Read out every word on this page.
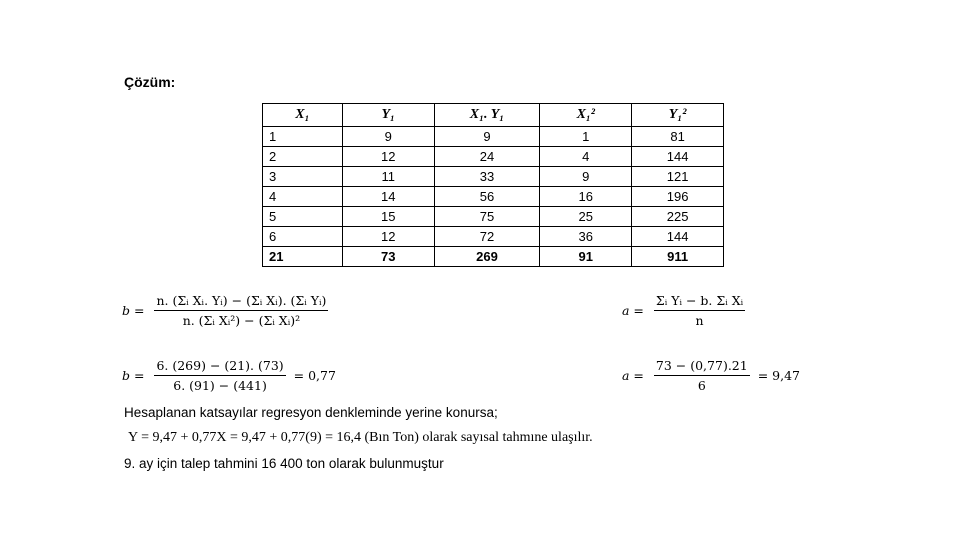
Çözüm:
X₁	Y₁	X₁. Y₁	X₁²	Y₁²
1	9	9	1	81
2	12	24	4	144
3	11	33	9	121
4	14	56	16	196
5	15	75	25	225
6	12	72	36	144
21	73	269	91	911
$b = \frac{\text{n. (Σᵢ Xᵢ. Yᵢ) − (Σᵢ Xᵢ). (Σᵢ Yᵢ)}}{\text{n. (Σᵢ Xᵢ²) − (Σᵢ Xᵢ)²}}$	$a = \frac{\text{Σᵢ Yᵢ − b. Σᵢ Xᵢ}}{n}$
$b = \frac{6. (269) - (21). (73)}{6. (91) - (441)} = 0,77$	$a = \frac{73 - (0,77).21}{6} = 9,47$
Hesaplanan katsayılar regresyon denkleminde yerine konursa;
Y = 9,47 + 0,77X = 9,47 + 0,77(9) = 16,4 (Bın Ton) olarak sayısal tahmıne ulaşılır.
9. ay için talep tahmini 16 400 ton olarak bulunmuştur
